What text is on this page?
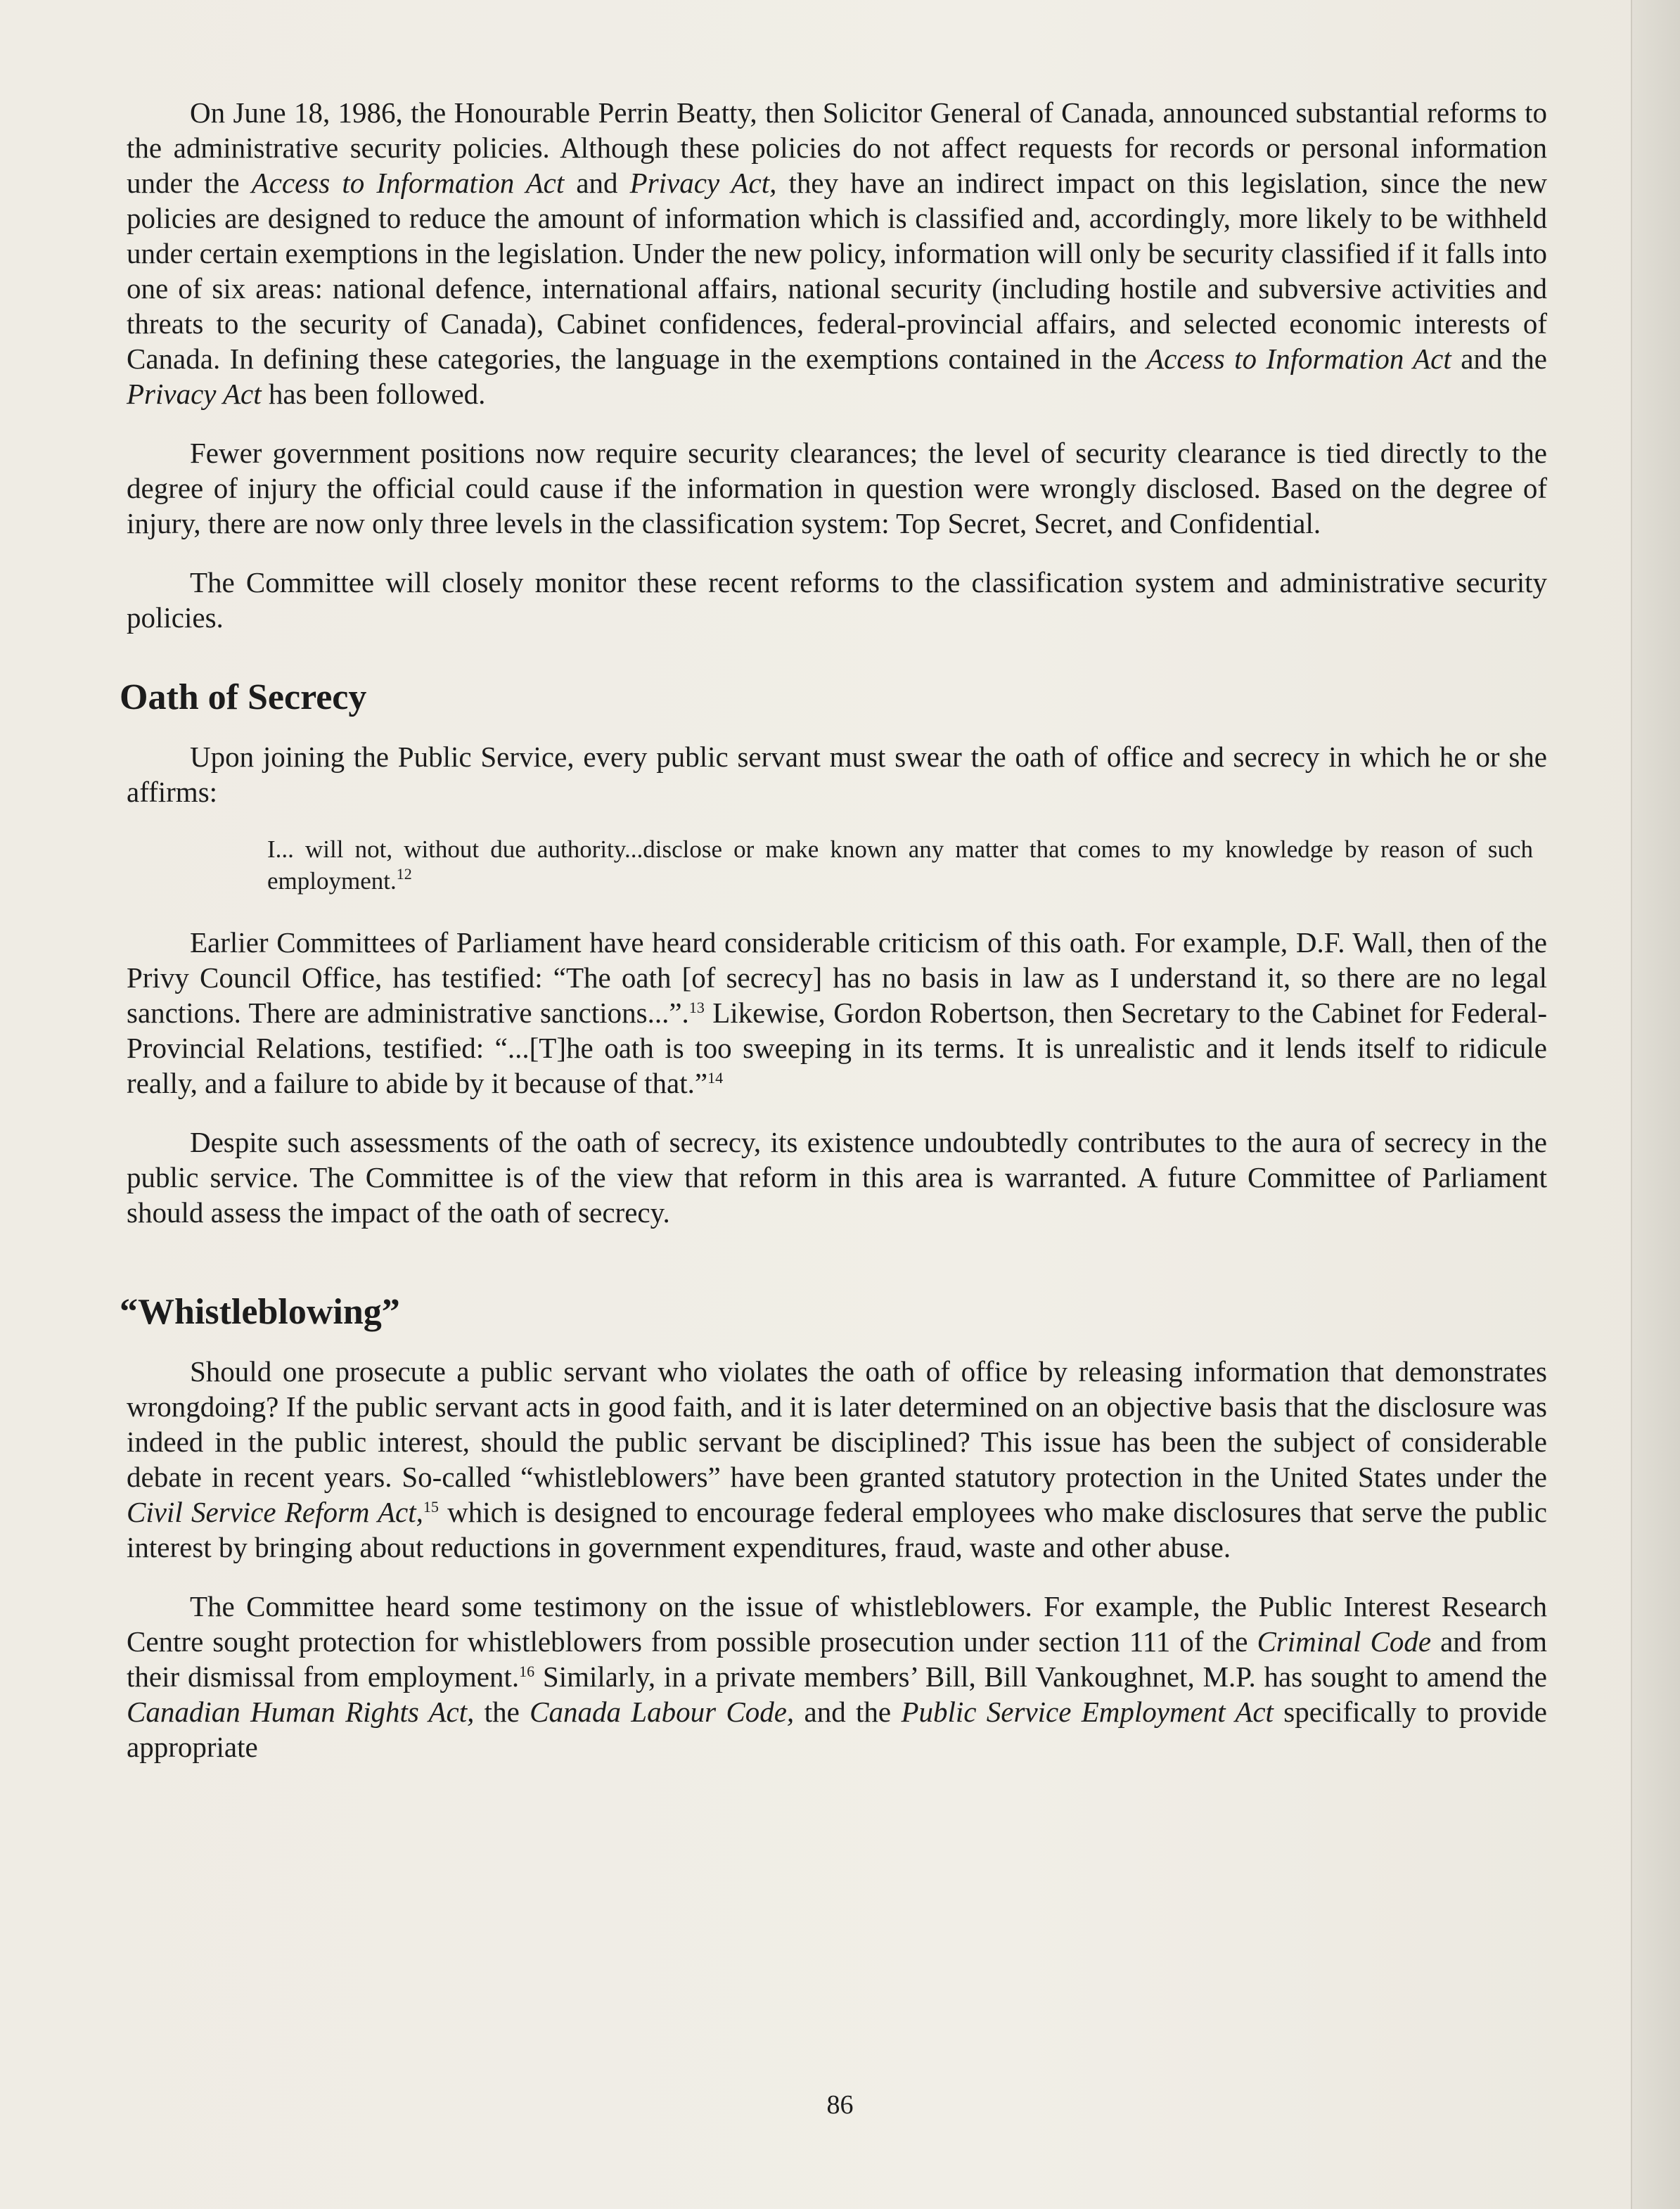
On June 18, 1986, the Honourable Perrin Beatty, then Solicitor General of Canada, announced substantial reforms to the administrative security policies. Although these policies do not affect requests for records or personal information under the Access to Information Act and Privacy Act, they have an indirect impact on this legislation, since the new policies are designed to reduce the amount of information which is classified and, accordingly, more likely to be withheld under certain exemptions in the legislation. Under the new policy, information will only be security classified if it falls into one of six areas: national defence, international affairs, national security (including hostile and subversive activities and threats to the security of Canada), Cabinet confidences, federal-provincial affairs, and selected economic interests of Canada. In defining these categories, the language in the exemptions contained in the Access to Information Act and the Privacy Act has been followed.

Fewer government positions now require security clearances; the level of security clearance is tied directly to the degree of injury the official could cause if the information in question were wrongly disclosed. Based on the degree of injury, there are now only three levels in the classification system: Top Secret, Secret, and Confidential.

The Committee will closely monitor these recent reforms to the classification system and administrative security policies.

Oath of Secrecy

Upon joining the Public Service, every public servant must swear the oath of office and secrecy in which he or she affirms:

I... will not, without due authority...disclose or make known any matter that comes to my knowledge by reason of such employment.$^{12}$

Earlier Committees of Parliament have heard considerable criticism of this oath. For example, D.F. Wall, then of the Privy Council Office, has testified: “The oath [of secrecy] has no basis in law as I understand it, so there are no legal sanctions. There are administrative sanctions...”.$^{13}$ Likewise, Gordon Robertson, then Secretary to the Cabinet for Federal-Provincial Relations, testified: “...[T]he oath is too sweeping in its terms. It is unrealistic and it lends itself to ridicule really, and a failure to abide by it because of that.”$^{14}$

Despite such assessments of the oath of secrecy, its existence undoubtedly contributes to the aura of secrecy in the public service. The Committee is of the view that reform in this area is warranted. A future Committee of Parliament should assess the impact of the oath of secrecy.

“Whistleblowing”

Should one prosecute a public servant who violates the oath of office by releasing information that demonstrates wrongdoing? If the public servant acts in good faith, and it is later determined on an objective basis that the disclosure was indeed in the public interest, should the public servant be disciplined? This issue has been the subject of considerable debate in recent years. So-called “whistleblowers” have been granted statutory protection in the United States under the Civil Service Reform Act,$^{15}$ which is designed to encourage federal employees who make disclosures that serve the public interest by bringing about reductions in government expenditures, fraud, waste and other abuse.

The Committee heard some testimony on the issue of whistleblowers. For example, the Public Interest Research Centre sought protection for whistleblowers from possible prosecution under section 111 of the Criminal Code and from their dismissal from employment.$^{16}$ Similarly, in a private members’ Bill, Bill Vankoughnet, M.P. has sought to amend the Canadian Human Rights Act, the Canada Labour Code, and the Public Service Employment Act specifically to provide appropriate

86
